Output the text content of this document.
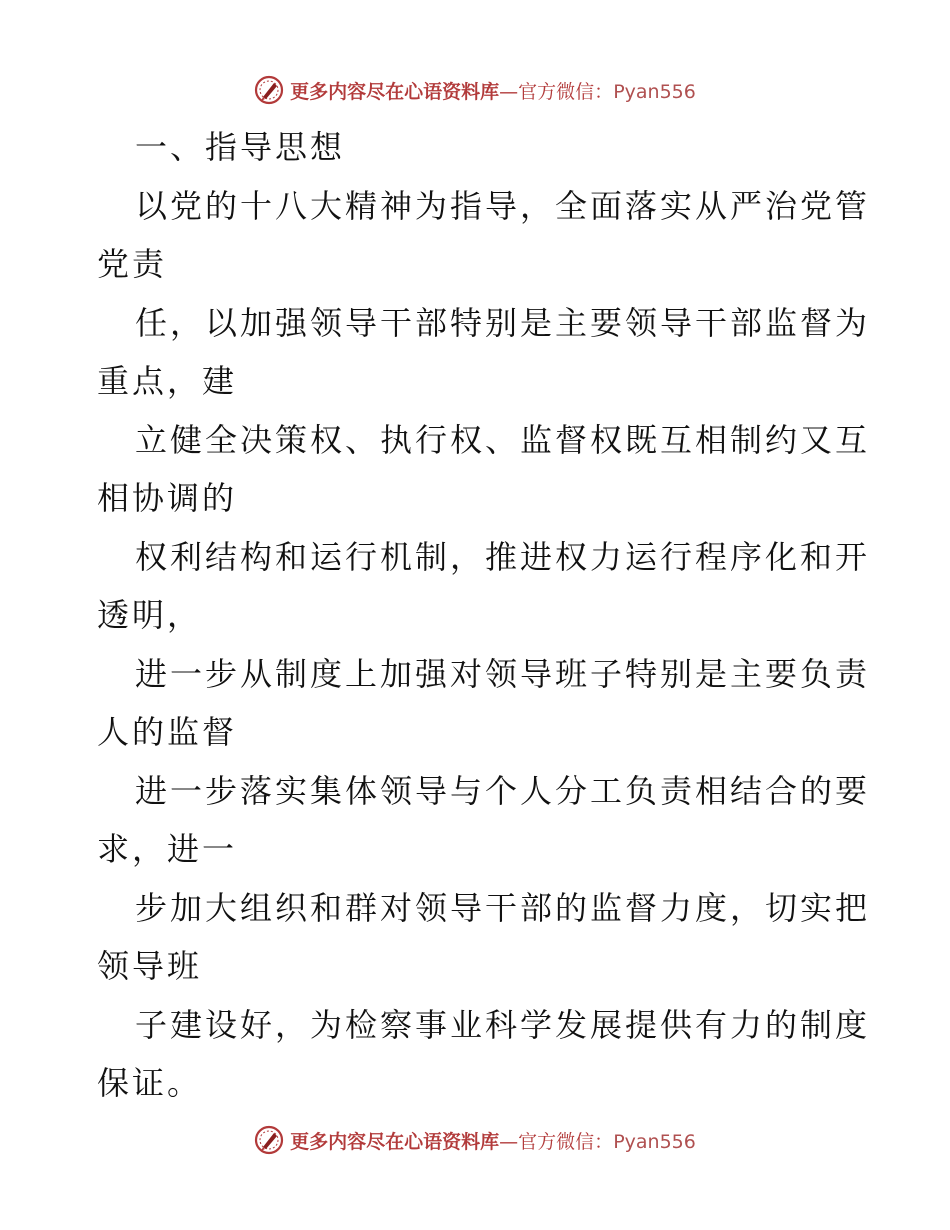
更多内容尽在心语资料库—官方微信：Pyan556
一、指导思想
以党的十八大精神为指导，全面落实从严治党管
党责
任，以加强领导干部特别是主要领导干部监督为
重点，建
立健全决策权、执行权、监督权既互相制约又互
相协调的
权利结构和运行机制，推进权力运行程序化和开
透明，
进一步从制度上加强对领导班子特别是主要负责
人的监督
进一步落实集体领导与个人分工负责相结合的要
求，进一
步加大组织和群对领导干部的监督力度，切实把
领导班
子建设好，为检察事业科学发展提供有力的制度
保证。
更多内容尽在心语资料库—官方微信：Pyan556
